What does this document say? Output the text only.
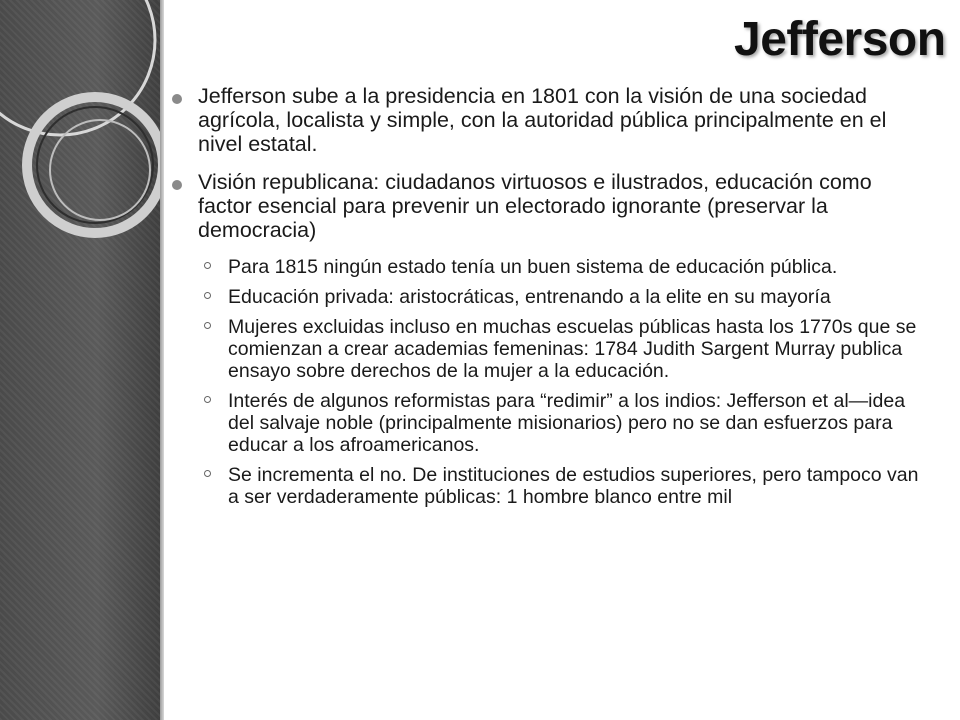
Jefferson
Jefferson sube a la presidencia en 1801 con la visión de una sociedad agrícola, localista y simple, con la autoridad pública principalmente en el nivel estatal.
Visión republicana: ciudadanos virtuosos e ilustrados, educación como factor esencial para prevenir un electorado ignorante (preservar la democracia)
Para 1815 ningún estado tenía un buen sistema de educación pública.
Educación privada: aristocráticas, entrenando a la elite en su mayoría
Mujeres excluidas incluso en muchas escuelas públicas hasta los 1770s que se comienzan a crear academias femeninas: 1784 Judith Sargent Murray publica ensayo sobre derechos de la mujer a la educación.
Interés de algunos reformistas para “redimir” a los indios: Jefferson et al—idea del salvaje noble (principalmente misionarios) pero no se dan esfuerzos para educar a los afroamericanos.
Se incrementa el no. De instituciones de estudios superiores, pero tampoco van a ser verdaderamente públicas: 1 hombre blanco entre mil
